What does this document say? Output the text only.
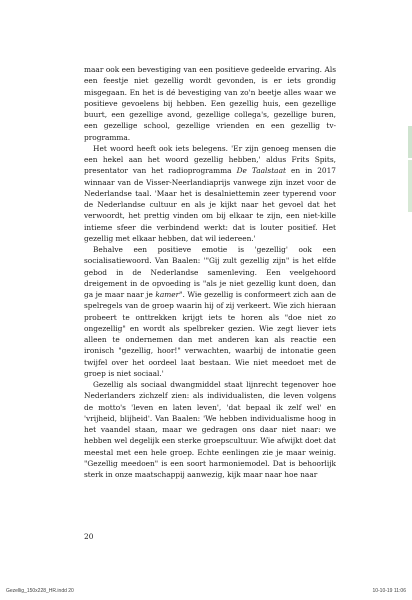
maar ook een bevestiging van een positieve gedeelde ervaring. Als een feestje niet gezellig wordt gevonden, is er iets grondig misgegaan. En het is dé bevestiging van zo'n beetje alles waar we positieve gevoelens bij hebben. Een gezellig huis, een gezellige buurt, een gezellige avond, gezellige collega's, gezellige buren, een gezellige school, gezellige vrienden en een gezellig tv-programma.

Het woord heeft ook iets belegens. 'Er zijn genoeg mensen die een hekel aan het woord gezellig hebben,' aldus Frits Spits, presentator van het radioprogramma De Taalstaat en in 2017 winnaar van de Visser-Neerlandiaprijs vanwege zijn inzet voor de Nederlandse taal. 'Maar het is desalniettemin zeer typerend voor de Nederlandse cultuur en als je kijkt naar het gevoel dat het verwoordt, het prettig vinden om bij elkaar te zijn, een niet-kille intieme sfeer die verbindend werkt: dat is louter positief. Het gezellig met elkaar hebben, dat wil iedereen.'

Behalve een positieve emotie is 'gezellig' ook een socialisatiewoord. Van Baalen: '"Gij zult gezellig zijn" is het elfde gebod in de Nederlandse samenleving. Een veelgehoord dreigement in de opvoeding is "als je niet gezellig kunt doen, dan ga je maar naar je kamer". Wie gezellig is conformeert zich aan de spelregels van de groep waarin hij of zij verkeert. Wie zich hieraan probeert te onttrekken krijgt iets te horen als "doe niet zo ongezellig" en wordt als spelbreker gezien. Wie zegt liever iets alleen te ondernemen dan met anderen kan als reactie een ironisch "gezellig, hoor!" verwachten, waarbij de intonatie geen twijfel over het oordeel laat bestaan. Wie niet meedoet met de groep is niet sociaal.'

Gezellig als sociaal dwangmiddel staat lijnrecht tegenover hoe Nederlanders zichzelf zien: als individualisten, die leven volgens de motto's 'leven en laten leven', 'dat bepaal ik zelf wel' en 'vrijheid, blijheid'. Van Baalen: 'We hebben individualisme hoog in het vaandel staan, maar we gedragen ons daar niet naar: we hebben wel degelijk een sterke groepscultuur. Wie afwijkt doet dat meestal met een hele groep. Echte eenlingen zie je maar weinig. "Gezellig meedoen" is een soort harmoniemodel. Dat is behoorlijk sterk in onze maatschappij aanwezig, kijk maar naar hoe naar

20
Gezellig_150x228_HR.indd 20	10-10-19 11:06
